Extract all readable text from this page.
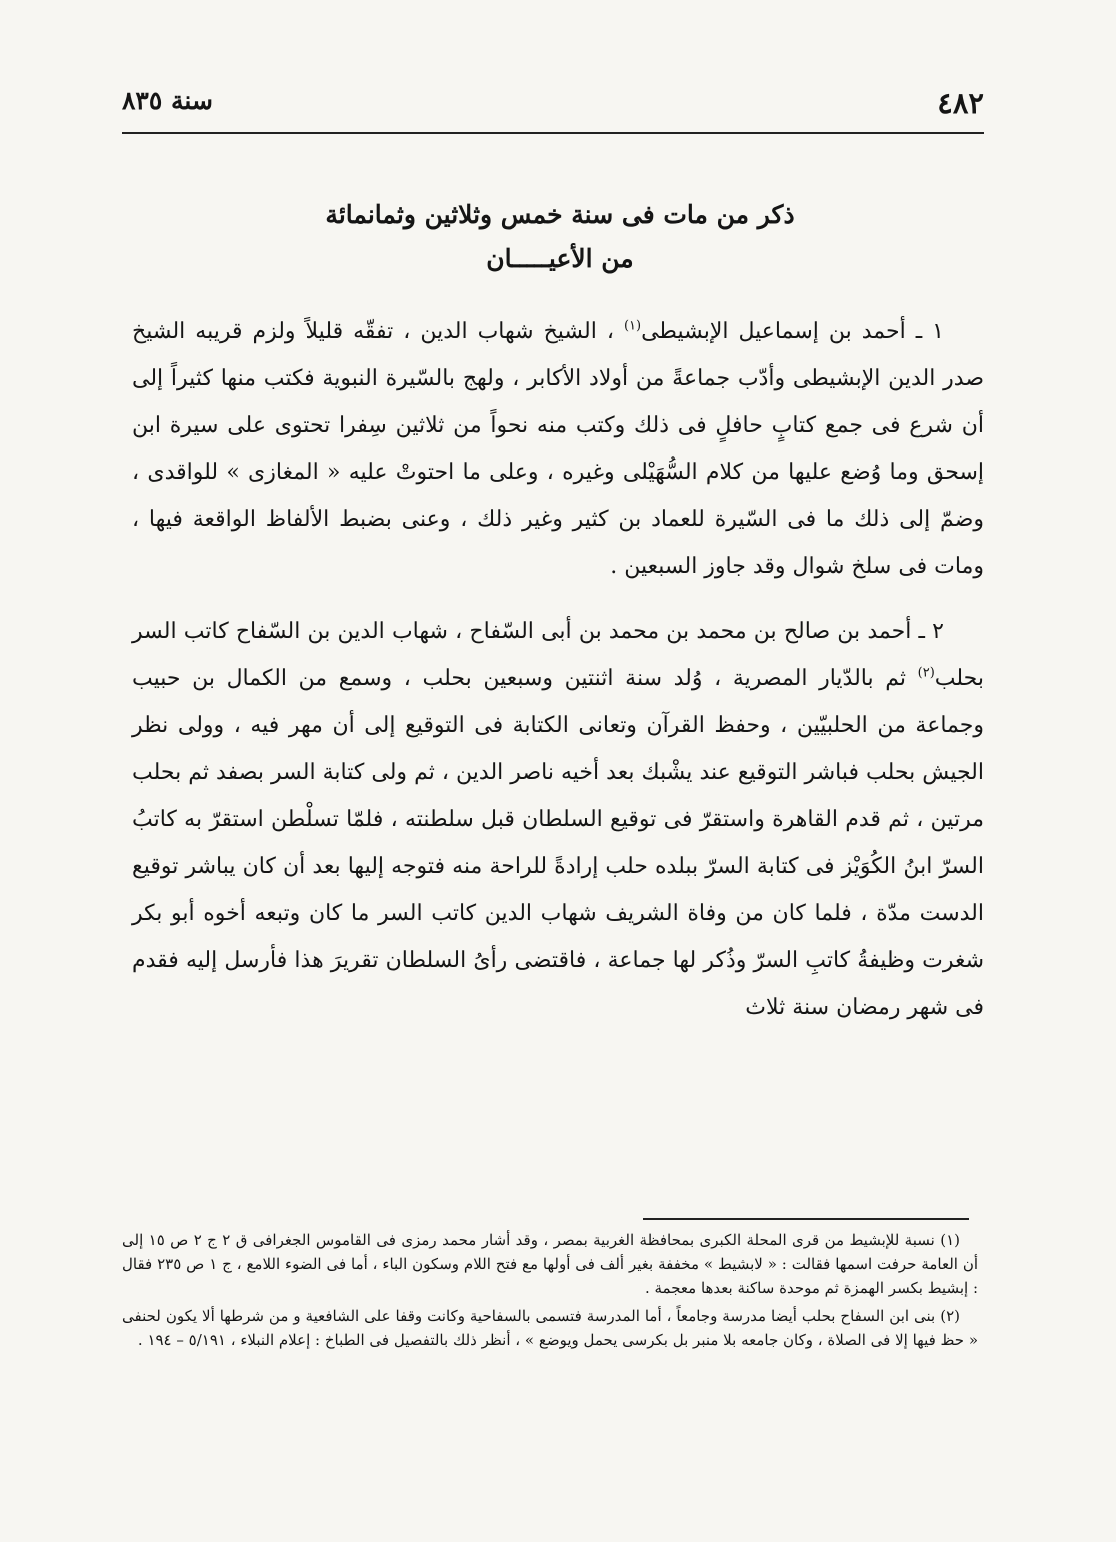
٤٨٢
سنة ٨٣٥
ذكر من مات فى سنة خمس وثلاثين وثمانمائة
من الأعيـــــان

١ ـ أحمد بن إسماعيل الإبشيطى$^{(١)}$ ، الشيخ شهاب الدين ، تفقّه قليلاً ولزم قريبه الشيخ صدر الدين الإبشيطى وأدّب جماعةً من أولاد الأكابر ، ولهج بالسّيرة النبوية فكتب منها كثيراً إلى أن شرع فى جمع كتابٍ حافلٍ فى ذلك وكتب منه نحواً من ثلاثين سِفرا تحتوى على سيرة ابن إسحق وما وُضع عليها من كلام السُّهَيْلى وغيره ، وعلى ما احتوتْ عليه « المغازى » للواقدى ، وضمّ إلى ذلك ما فى السّيرة للعماد بن كثير وغير ذلك ، وعنى بضبط الألفاظ الواقعة فيها ، ومات فى سلخ شوال وقد جاوز السبعين .

٢ ـ أحمد بن صالح بن محمد بن محمد بن أبى السّفاح ، شهاب الدين بن السّفاح كاتب السر بحلب$^{(٢)}$ ثم بالدّيار المصرية ، وُلد سنة اثنتين وسبعين بحلب ، وسمع من الكمال بن حبيب وجماعة من الحلبيّين ، وحفظ القرآن وتعانى الكتابة فى التوقيع إلى أن مهر فيه ، وولى نظر الجيش بحلب فباشر التوقيع عند يشْبك بعد أخيه ناصر الدين ، ثم ولى كتابة السر بصفد ثم بحلب مرتين ، ثم قدم القاهرة واستقرّ فى توقيع السلطان قبل سلطنته ، فلمّا تسلْطن استقرّ به كاتبُ السرّ ابنُ الكُوَيْز فى كتابة السرّ ببلده حلب إرادةً للراحة منه فتوجه إليها بعد أن كان يباشر توقيع الدست مدّة ، فلما كان من وفاة الشريف شهاب الدين كاتب السر ما كان وتبعه أخوه أبو بكر شغرت وظيفةُ كاتبِ السرّ وذُكر لها جماعة ، فاقتضى رأىُ السلطان تقريرَ هذا فأرسل إليه فقدم فى شهر رمضان سنة ثلاث

(١) نسبة للإبشيط من قرى المحلة الكبرى بمحافظة الغربية بمصر ، وقد أشار محمد رمزى فى القاموس الجغرافى ق ٢ ج ٢ ص ١٥ إلى أن العامة حرفت اسمها فقالت : « لابشيط » مخففة بغير ألف فى أولها مع فتح اللام وسكون الباء ، أما فى الضوء اللامع ، ج ١ ص ٢٣٥ فقال : إبشيط بكسر الهمزة ثم موحدة ساكنة بعدها معجمة .

(٢) بنى ابن السفاح بحلب أيضا مدرسة وجامعاً ، أما المدرسة فتسمى بالسفاحية وكانت وقفا على الشافعية و من شرطها ألا يكون لحنفى « حظ فيها إلا فى الصلاة ، وكان جامعه بلا منبر بل بكرسى يحمل ويوضع » ، أنظر ذلك بالتفصيل فى الطباخ : إعلام النبلاء ، ٥/١٩١ – ١٩٤ .
